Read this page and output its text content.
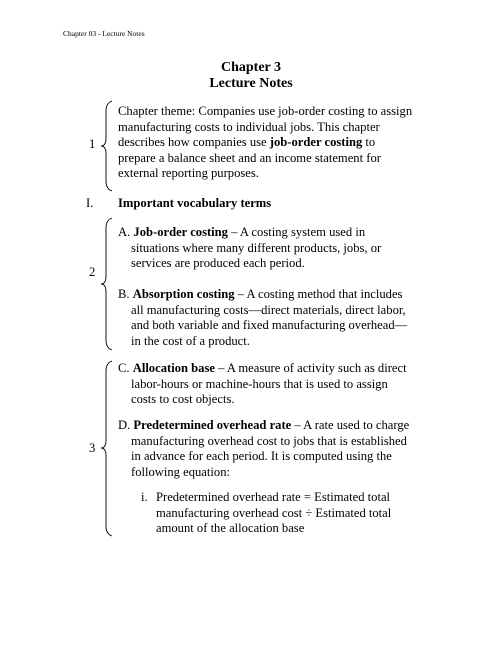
Chapter 03 - Lecture Notes
Chapter 3
Lecture Notes
1
2
3
Chapter theme: Companies use job-order costing to assign
manufacturing costs to individual jobs. This chapter
describes how companies use job-order costing to
prepare a balance sheet and an income statement for
external reporting purposes.
I. Important vocabulary terms
A. Job-order costing – A costing system used in
situations where many different products, jobs, or
services are produced each period.
B. Absorption costing – A costing method that includes
all manufacturing costs—direct materials, direct labor,
and both variable and fixed manufacturing overhead—
in the cost of a product.
C. Allocation base – A measure of activity such as direct
labor-hours or machine-hours that is used to assign
costs to cost objects.
D. Predetermined overhead rate – A rate used to charge
manufacturing overhead cost to jobs that is established
in advance for each period. It is computed using the
following equation:
i. Predetermined overhead rate = Estimated total
manufacturing overhead cost ÷ Estimated total
amount of the allocation base
